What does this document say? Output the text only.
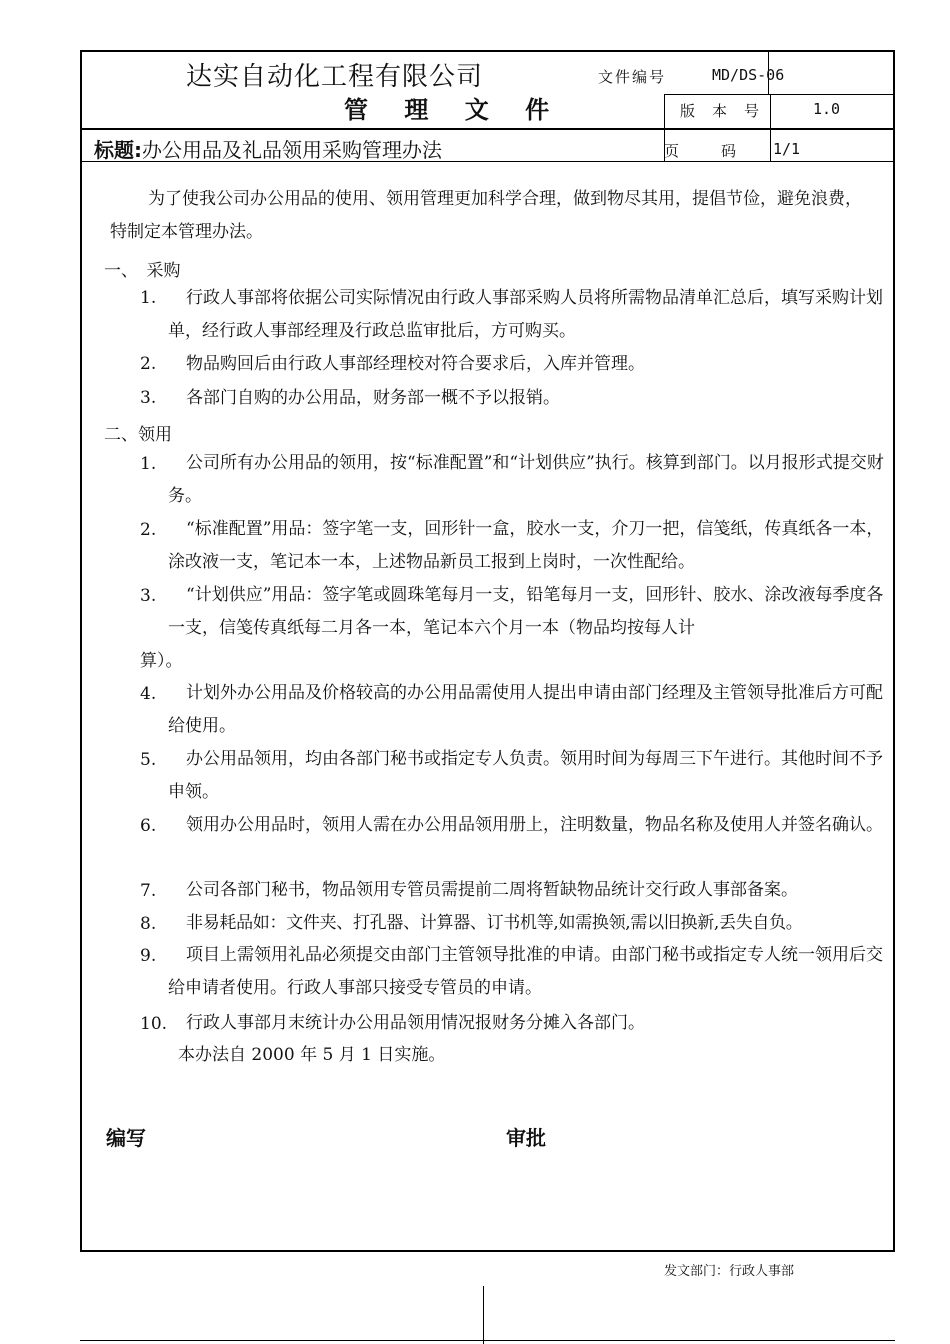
达实自动化工程有限公司
管 理 文 件
文件编号	MD/DS-06
版 本 号	1.0
页　　码 1/1
标题:办公用品及礼品领用采购管理办法
为了使我公司办公用品的使用、领用管理更加科学合理，做到物尽其用，提倡节俭，避免浪费，特制定本管理办法。
一、　采购
1.	行政人事部将依据公司实际情况由行政人事部采购人员将所需物品清单汇总后，填写采购计划单，经行政人事部经理及行政总监审批后，方可购买。
2. 物品购回后由行政人事部经理校对符合要求后，入库并管理。
3. 各部门自购的办公用品，财务部一概不予以报销。
二、领用
1.	公司所有办公用品的领用，按“标准配置”和“计划供应”执行。核算到部门。以月报形式提交财务。
2.	“标准配置”用品：签字笔一支，回形针一盒，胶水一支，介刀一把，信笺纸，传真纸各一本，涂改液一支，笔记本一本，上述物品新员工报到上岗时，一次性配给。
3.	“计划供应”用品：签字笔或圆珠笔每月一支，铅笔每月一支，回形针、胶水、涂改液每季度各一支，信笺传真纸每二月各一本，笔记本六个月一本（物品均按每人计
算）。
4.	计划外办公用品及价格较高的办公用品需使用人提出申请由部门经理及主管领导批准后方可配给使用。
5.	办公用品领用，均由各部门秘书或指定专人负责。领用时间为每周三下午进行。其他时间不予申领。
6.	领用办公用品时，领用人需在办公用品领用册上，注明数量，物品名称及使用人并签名确认。
7. 公司各部门秘书，物品领用专管员需提前二周将暂缺物品统计交行政人事部备案。
8. 非易耗品如：文件夹、打孔器、计算器、订书机等,如需换领,需以旧换新,丢失自负。
9.	项目上需领用礼品必须提交由部门主管领导批准的申请。由部门秘书或指定专人统一领用后交给申请者使用。行政人事部只接受专管员的申请。
10. 行政人事部月末统计办公用品领用情况报财务分摊入各部门。
本办法自 2000 年 5 月 1 日实施。
编写	审批
发文部门：行政人事部
